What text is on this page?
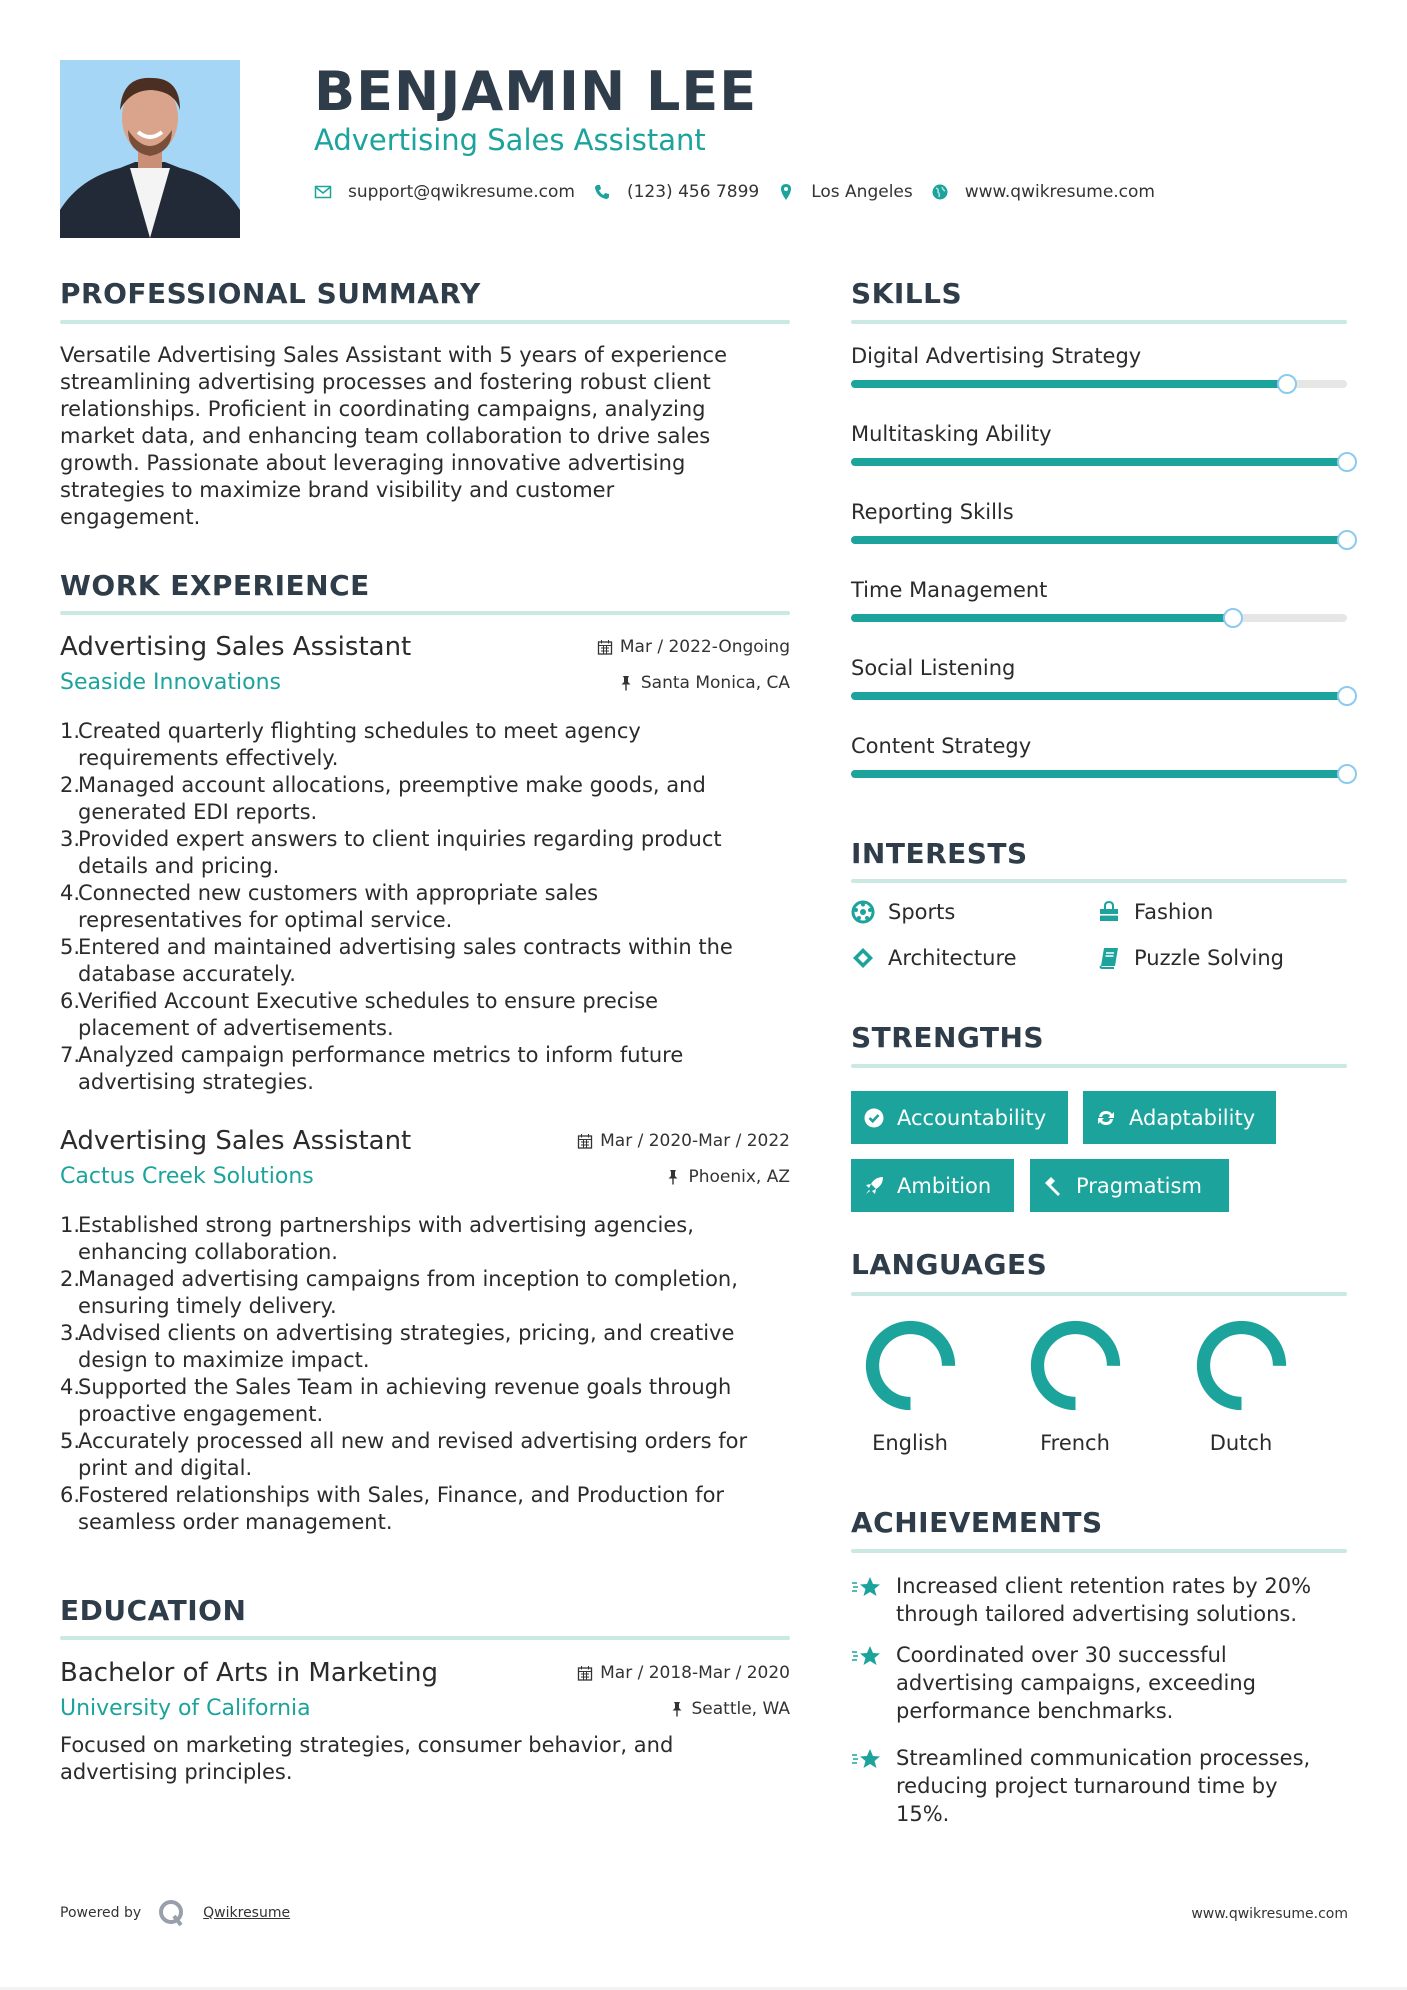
BENJAMIN LEE
Advertising Sales Assistant
support@qwikresume.com	(123) 456 7899	Los Angeles	www.qwikresume.com
PROFESSIONAL SUMMARY
Versatile Advertising Sales Assistant with 5 years of experience
streamlining advertising processes and fostering robust client
relationships. Proficient in coordinating campaigns, analyzing
market data, and enhancing team collaboration to drive sales
growth. Passionate about leveraging innovative advertising
strategies to maximize brand visibility and customer
engagement.
WORK EXPERIENCE
Advertising Sales Assistant	Mar / 2022-Ongoing
Seaside Innovations	Santa Monica, CA
1.
Created quarterly flighting schedules to meet agency
requirements effectively.
2.
Managed account allocations, preemptive make goods, and
generated EDI reports.
3.
Provided expert answers to client inquiries regarding product
details and pricing.
4.
Connected new customers with appropriate sales
representatives for optimal service.
5.
Entered and maintained advertising sales contracts within the
database accurately.
6.
Verified Account Executive schedules to ensure precise
placement of advertisements.
7.
Analyzed campaign performance metrics to inform future
advertising strategies.
Advertising Sales Assistant	Mar / 2020-Mar / 2022
Cactus Creek Solutions	Phoenix, AZ
1.
Established strong partnerships with advertising agencies,
enhancing collaboration.
2.
Managed advertising campaigns from inception to completion,
ensuring timely delivery.
3.
Advised clients on advertising strategies, pricing, and creative
design to maximize impact.
4.
Supported the Sales Team in achieving revenue goals through
proactive engagement.
5.
Accurately processed all new and revised advertising orders for
print and digital.
6.
Fostered relationships with Sales, Finance, and Production for
seamless order management.
EDUCATION
Bachelor of Arts in Marketing	Mar / 2018-Mar / 2020
University of California	Seattle, WA
Focused on marketing strategies, consumer behavior, and
advertising principles.
SKILLS
Digital Advertising Strategy
Multitasking Ability
Reporting Skills
Time Management
Social Listening
Content Strategy
INTERESTS
Sports	Fashion
Architecture	Puzzle Solving
STRENGTHS
Accountability	Adaptability
Ambition	Pragmatism
LANGUAGES
English	French	Dutch
ACHIEVEMENTS
Increased client retention rates by 20%
through tailored advertising solutions.
Coordinated over 30 successful
advertising campaigns, exceeding
performance benchmarks.
Streamlined communication processes,
reducing project turnaround time by
15%.
Powered by	Qwikresume	www.qwikresume.com
